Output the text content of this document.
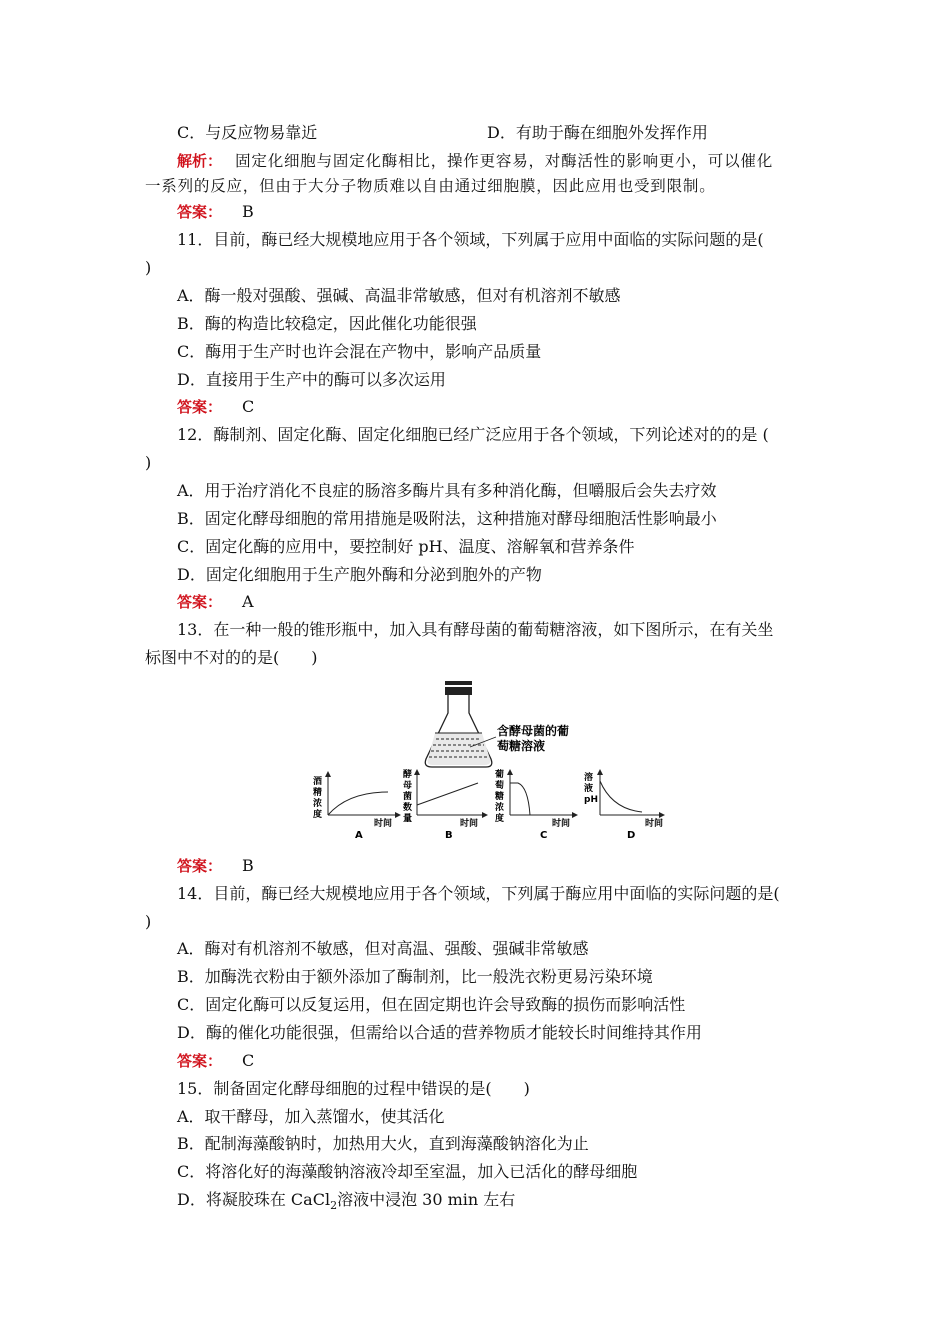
C．与反应物易靠近	D．有助于酶在细胞外发挥作用
解析： 固定化细胞与固定化酶相比，操作更容易，对酶活性的影响更小，可以催化
一系列的反应，但由于大分子物质难以自由通过细胞膜，因此应用也受到限制。
答案： B
11．目前，酶已经大规模地应用于各个领域，下列属于应用中面临的实际问题的是(
)
A．酶一般对强酸、强碱、高温非常敏感，但对有机溶剂不敏感
B．酶的构造比较稳定，因此催化功能很强
C．酶用于生产时也许会混在产物中，影响产品质量
D．直接用于生产中的酶可以多次运用
答案： C
12．酶制剂、固定化酶、固定化细胞已经广泛应用于各个领域，下列论述对的的是 (
)
A．用于治疗消化不良症的肠溶多酶片具有多种消化酶，但嚼服后会失去疗效
B．固定化酵母细胞的常用措施是吸附法，这种措施对酵母细胞活性影响最小
C．固定化酶的应用中，要控制好 pH、温度、溶解氧和营养条件
D．固定化细胞用于生产胞外酶和分泌到胞外的产物
答案： A
13．在一种一般的锥形瓶中，加入具有酵母菌的葡萄糖溶液，如下图所示，在有关坐
标图中不对的的是(　　)
含酵母菌的葡
萄糖溶液
酒
精
浓
度
时间
A
酵
母
菌
数
量	时间
B
葡
萄
糖
浓
度	时间
C
溶
液
pH
时间
D
答案： B
14．目前，酶已经大规模地应用于各个领域，下列属于酶应用中面临的实际问题的是(
)
A．酶对有机溶剂不敏感，但对高温、强酸、强碱非常敏感
B．加酶洗衣粉由于额外添加了酶制剂，比一般洗衣粉更易污染环境
C．固定化酶可以反复运用，但在固定期也许会导致酶的损伤而影响活性
D．酶的催化功能很强，但需给以合适的营养物质才能较长时间维持其作用
答案： C
15．制备固定化酵母细胞的过程中错误的是(　　)
A．取干酵母，加入蒸馏水，使其活化
B．配制海藻酸钠时，加热用大火，直到海藻酸钠溶化为止
C．将溶化好的海藻酸钠溶液冷却至室温，加入已活化的酵母细胞
D．将凝胶珠在 CaCl$_2$溶液中浸泡 30 min 左右
